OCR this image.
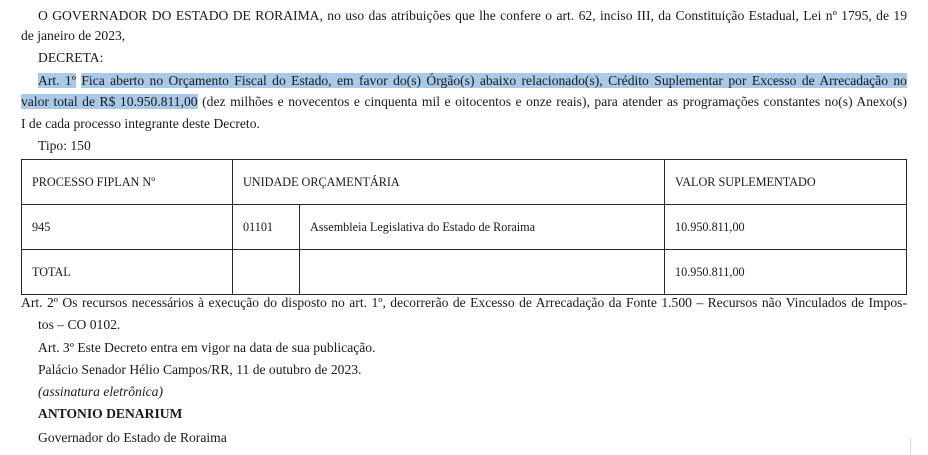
O GOVERNADOR DO ESTADO DE RORAIMA, no uso das atribuições que lhe confere o art. 62, inciso III, da Constituição Estadual, Lei nº 1795, de 19
de janeiro de 2023,
DECRETA:
Art. 1º Fica aberto no Orçamento Fiscal do Estado, em favor do(s) Órgão(s) abaixo relacionado(s), Crédito Suplementar por Excesso de Arrecadação no
valor total de R$ 10.950.811,00 (dez milhões e novecentos e cinquenta mil e oitocentos e onze reais), para atender as programações constantes no(s) Anexo(s)
I de cada processo integrante deste Decreto.
Tipo: 150
PROCESSO FIPLAN Nº	UNIDADE ORÇAMENTÁRIA		VALOR SUPLEMENTADO
945	01101	Assembleia Legislativa do Estado de Roraima	10.950.811,00
TOTAL			10.950.811,00
Art. 2º Os recursos necessários à execução do disposto no art. 1º, decorrerão de Excesso de Arrecadação da Fonte 1.500 – Recursos não Vinculados de Impos-
tos – CO 0102.
Art. 3º Este Decreto entra em vigor na data de sua publicação.
Palácio Senador Hélio Campos/RR, 11 de outubro de 2023.
(assinatura eletrônica)
ANTONIO DENARIUM
Governador do Estado de Roraima
